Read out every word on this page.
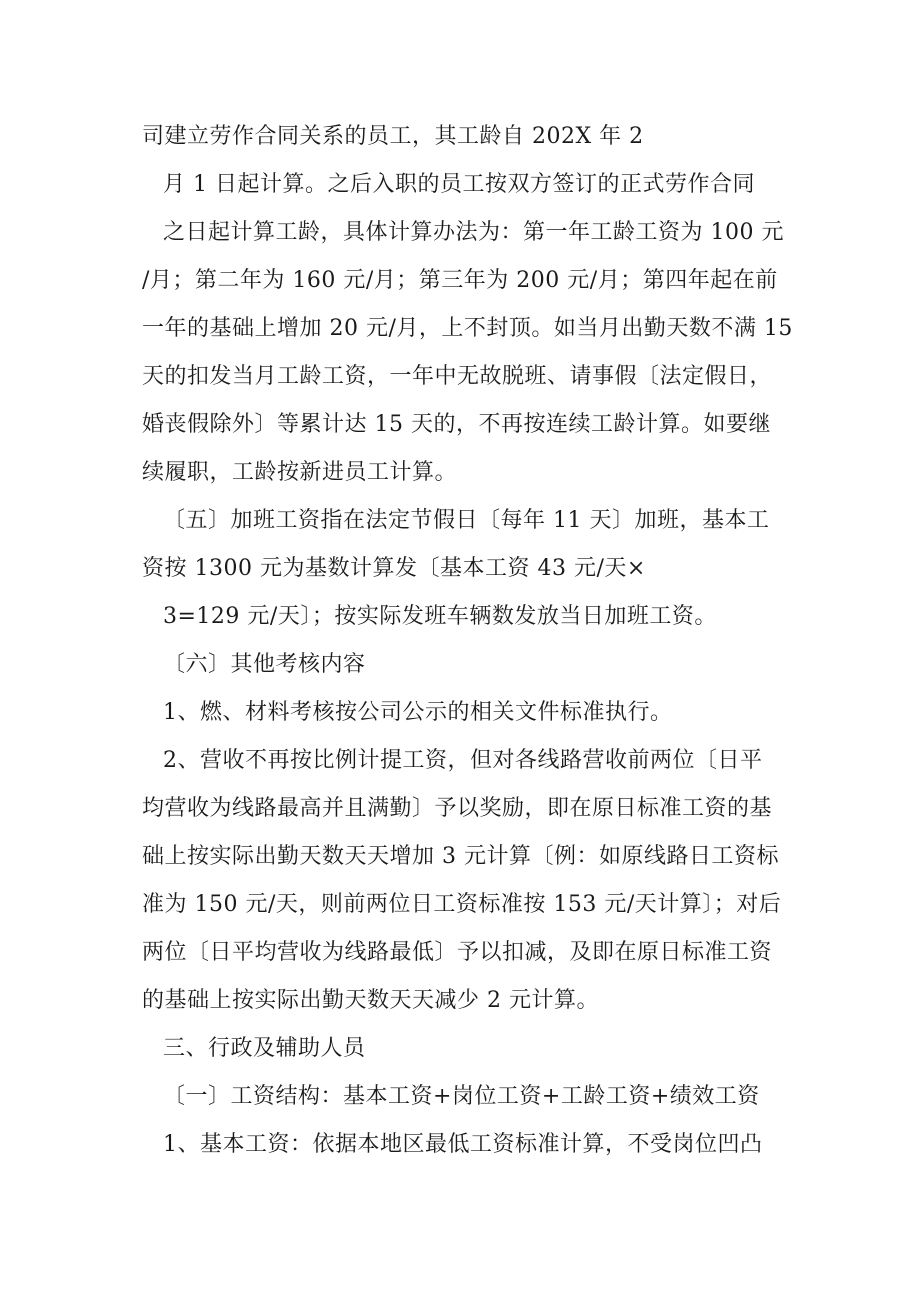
司建立劳作合同关系的员工，其工龄自 202X 年 2
月 1 日起计算。之后入职的员工按双方签订的正式劳作合同
之日起计算工龄，具体计算办法为：第一年工龄工资为 100 元
/月；第二年为 160 元/月；第三年为 200 元/月；第四年起在前
一年的基础上增加 20 元/月，上不封顶。如当月出勤天数不满 15
天的扣发当月工龄工资，一年中无故脱班、请事假〔法定假日，
婚丧假除外〕等累计达 15 天的，不再按连续工龄计算。如要继
续履职，工龄按新进员工计算。
〔五〕加班工资指在法定节假日〔每年 11 天〕加班，基本工
资按 1300 元为基数计算发〔基本工资 43 元/天×
3=129 元/天〕；按实际发班车辆数发放当日加班工资。
〔六〕其他考核内容
1、燃、材料考核按公司公示的相关文件标准执行。
2、营收不再按比例计提工资，但对各线路营收前两位〔日平
均营收为线路最高并且满勤〕予以奖励，即在原日标准工资的基
础上按实际出勤天数天天增加 3 元计算〔例：如原线路日工资标
准为 150 元/天，则前两位日工资标准按 153 元/天计算〕；对后
两位〔日平均营收为线路最低〕予以扣减，及即在原日标准工资
的基础上按实际出勤天数天天减少 2 元计算。
三、行政及辅助人员
〔一〕工资结构：基本工资+岗位工资+工龄工资+绩效工资
1、基本工资：依据本地区最低工资标准计算，不受岗位凹凸
